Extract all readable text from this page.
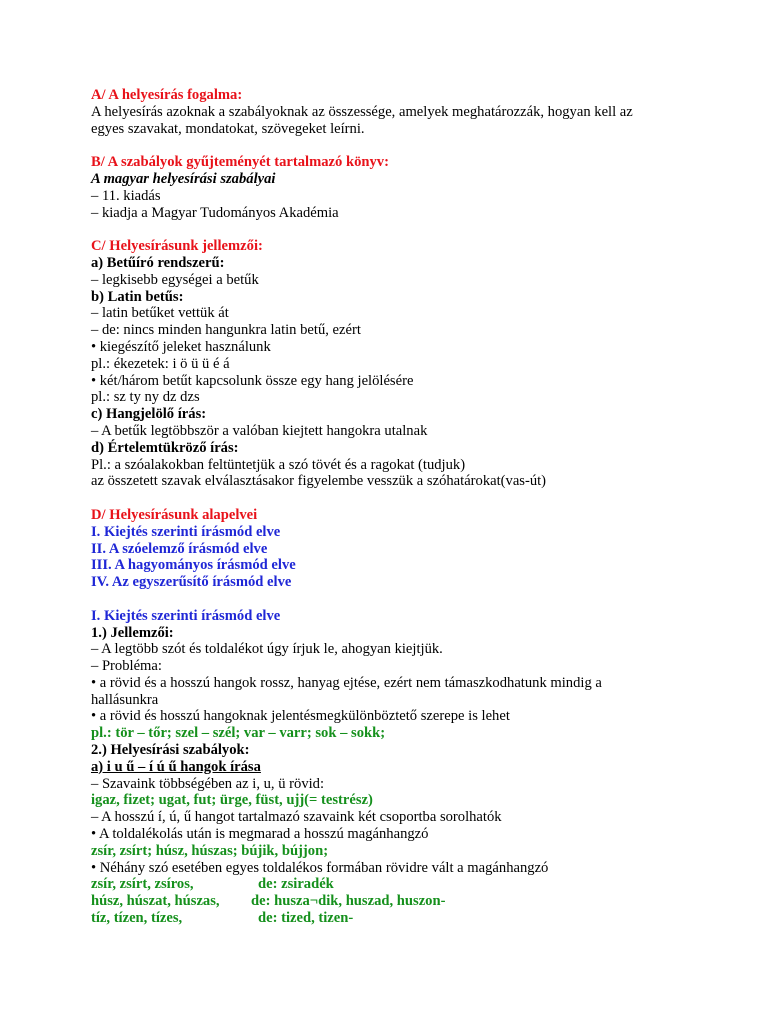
A/ A helyesírás fogalma:
A helyesírás azoknak a szabályoknak az összessége, amelyek meghatározzák, hogyan kell az
egyes szavakat, mondatokat, szövegeket leírni.
B/ A szabályok gyűjteményét tartalmazó könyv:
A magyar helyesírási szabályai
– 11. kiadás
– kiadja a Magyar Tudományos Akadémia
C/ Helyesírásunk jellemzői:
a) Betűíró rendszerű:
– legkisebb egységei a betűk
b) Latin betűs:
– latin betűket vettük át
– de: nincs minden hangunkra latin betű, ezért
• kiegészítő jeleket használunk
pl.: ékezetek: i ö ü ü é á
• két/három betűt kapcsolunk össze egy hang jelölésére
pl.: sz ty ny dz dzs
c) Hangjelölő írás:
– A betűk legtöbbször a valóban kiejtett hangokra utalnak
d) Értelemtükröző írás:
Pl.: a szóalakokban feltüntetjük a szó tövét és a ragokat (tudjuk)
az összetett szavak elválasztásakor figyelembe vesszük a szóhatárokat(vas-út)
D/ Helyesírásunk alapelvei
I. Kiejtés szerinti írásmód elve
II. A szóelemző írásmód elve
III. A hagyományos írásmód elve
IV. Az egyszerűsítő írásmód elve
I. Kiejtés szerinti írásmód elve
1.) Jellemzői:
– A legtöbb szót és toldalékot úgy írjuk le, ahogyan kiejtjük.
– Probléma:
• a rövid és a hosszú hangok rossz, hanyag ejtése, ezért nem támaszkodhatunk mindig a
hallásunkra
• a rövid és hosszú hangoknak jelentésmegkülönböztető szerepe is lehet
pl.: tör – tőr; szel – szél; var – varr; sok – sokk;
2.) Helyesírási szabályok:
a) i u ű – í ú ű hangok írása
– Szavaink többségében az i, u, ü rövid:
igaz, fizet; ugat, fut; ürge, füst, ujj(= testrész)
– A hosszú í, ú, ű hangot tartalmazó szavaink két csoportba sorolhatók
• A toldalékolás után is megmarad a hosszú magánhangzó
zsír, zsírt; húsz, húszas; bújik, bújjon;
• Néhány szó esetében egyes toldalékos formában rövidre vált a magánhangzó
zsír, zsírt, zsíros,	de: zsiradék
húsz, húszat, húszas, de: husza¬dik, huszad, huszon-
tíz, tízen, tízes,	de: tized, tizen-
